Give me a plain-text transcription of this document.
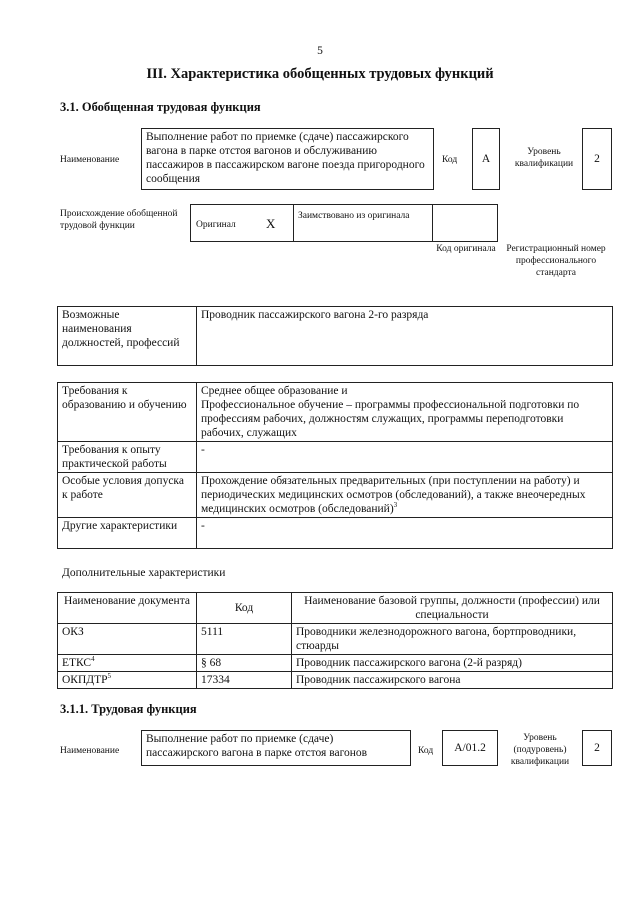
5
III. Характеристика обобщенных трудовых функций
3.1. Обобщенная трудовая функция
Наименование
Выполнение работ по приемке (сдаче) пассажирского вагона в парке отстоя вагонов и обслуживанию пассажиров в пассажирском вагоне поезда пригородного сообщения
Код А
Уровень квалификации	2
Происхождение обобщенной трудовой функции	Оригинал X Заимствовано из оригинала
Код оригинала Регистрационный номер профессионального стандарта
Возможные наименования должностей, профессий	Проводник пассажирского вагона 2-го разряда
Требования к образованию и обучению	Среднее общее образование и
Профессиональное обучение – программы профессиональной подготовки по профессиям рабочих, должностям служащих, программы переподготовки рабочих, служащих
Требования к опыту практической работы	-
Особые условия допуска к работе	Прохождение обязательных предварительных (при поступлении на работу) и периодических медицинских осмотров (обследований), а также внеочередных медицинских осмотров (обследований)$^3$
Другие характеристики	-
Дополнительные характеристики
Наименование документа	Код	Наименование базовой группы, должности (профессии) или специальности
ОКЗ	5111	Проводники железнодорожного вагона, бортпроводники, стюарды
ЕТКС$^4$	§ 68	Проводник пассажирского вагона (2-й разряд)
ОКПДТР$^5$	17334	Проводник пассажирского вагона
3.1.1. Трудовая функция
Наименование
Выполнение работ по приемке (сдаче) пассажирского вагона в парке отстоя вагонов	Код A/01.2
Уровень (подуровень) квалификации
2
